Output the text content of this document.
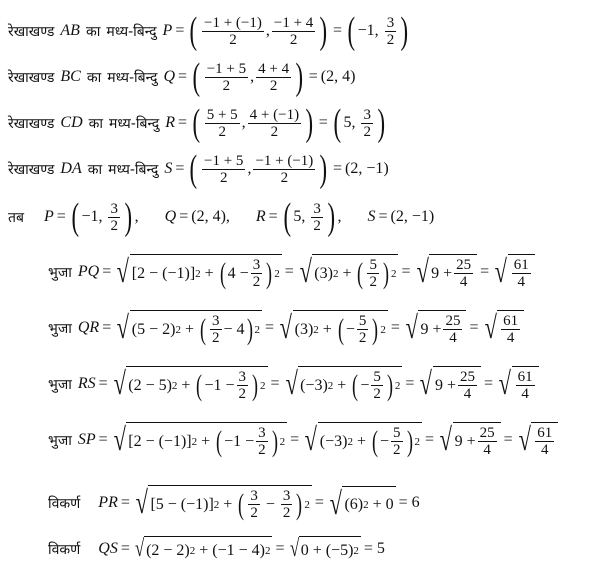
रेखाखण्ड AB का मध्य-बिन्दु P = ( $\frac{-1 + (-1)}{2}$ , $\frac{-1 + 4}{2}$ ) = ( −1,
$\frac{3}{2}$ )
रेखाखण्ड BC का मध्य-बिन्दु Q = ( $\frac{-1 + 5}{2}$ , $\frac{4 + 4}{2}$ ) = (2, 4)
रेखाखण्ड CD का मध्य-बिन्दु R = ( $\frac{5 + 5}{2}$ , $\frac{4 + (-1)}{2}$ ) = ( 5,
$\frac{3}{2}$ )
रेखाखण्ड DA का मध्य-बिन्दु S = ( $\frac{-1 + 5}{2}$ , $\frac{-1 + (-1)}{2}$ ) = (2, −1)
तब P = ( −1,
$\frac{3}{2}$ ) , Q = (2, 4), R = ( 5,
$\frac{3}{2}$ ) , S = (2, −1)
भुजा PQ = √ [2 − (−1)] 2 + ( $4 - \frac{3}{2}$ ) 2 = √ (3) 2 + ( $\frac{5}{2}$ ) 2 = √ $9 + \frac{25}{4}$ = √ $\frac{61}{4}$
भुजा QR = √ (5 − 2) 2 + ( $\frac{3}{2} - 4$ ) 2 = √ (3) 2 + ( − $\frac{5}{2}$ ) 2 = √ $9 + \frac{25}{4}$ = √ $\frac{61}{4}$
भुजा RS = √ (2 − 5) 2 + ( $-1 - \frac{3}{2}$ ) 2 = √ (−3) 2 + ( − $\frac{5}{2}$ ) 2 = √ $9 + \frac{25}{4}$ = √ $\frac{61}{4}$
भुजा SP = √ [2 − (−1)] 2 + ( $-1 - \frac{3}{2}$ ) 2 = √ (−3) 2 + ( − $\frac{5}{2}$ ) 2 = √ $9 + \frac{25}{4}$ = √ $\frac{61}{4}$
विकर्ण PR = √ [5 − (−1)] 2 + ( $\frac{3}{2} - \frac{3}{2}$ ) 2 = √ (6) 2
+ 0 = 6
विकर्ण QS = √ (2 − 2) 2
+ (−1 − 4) 2 = √ 0 + (−5) 2 = 5
